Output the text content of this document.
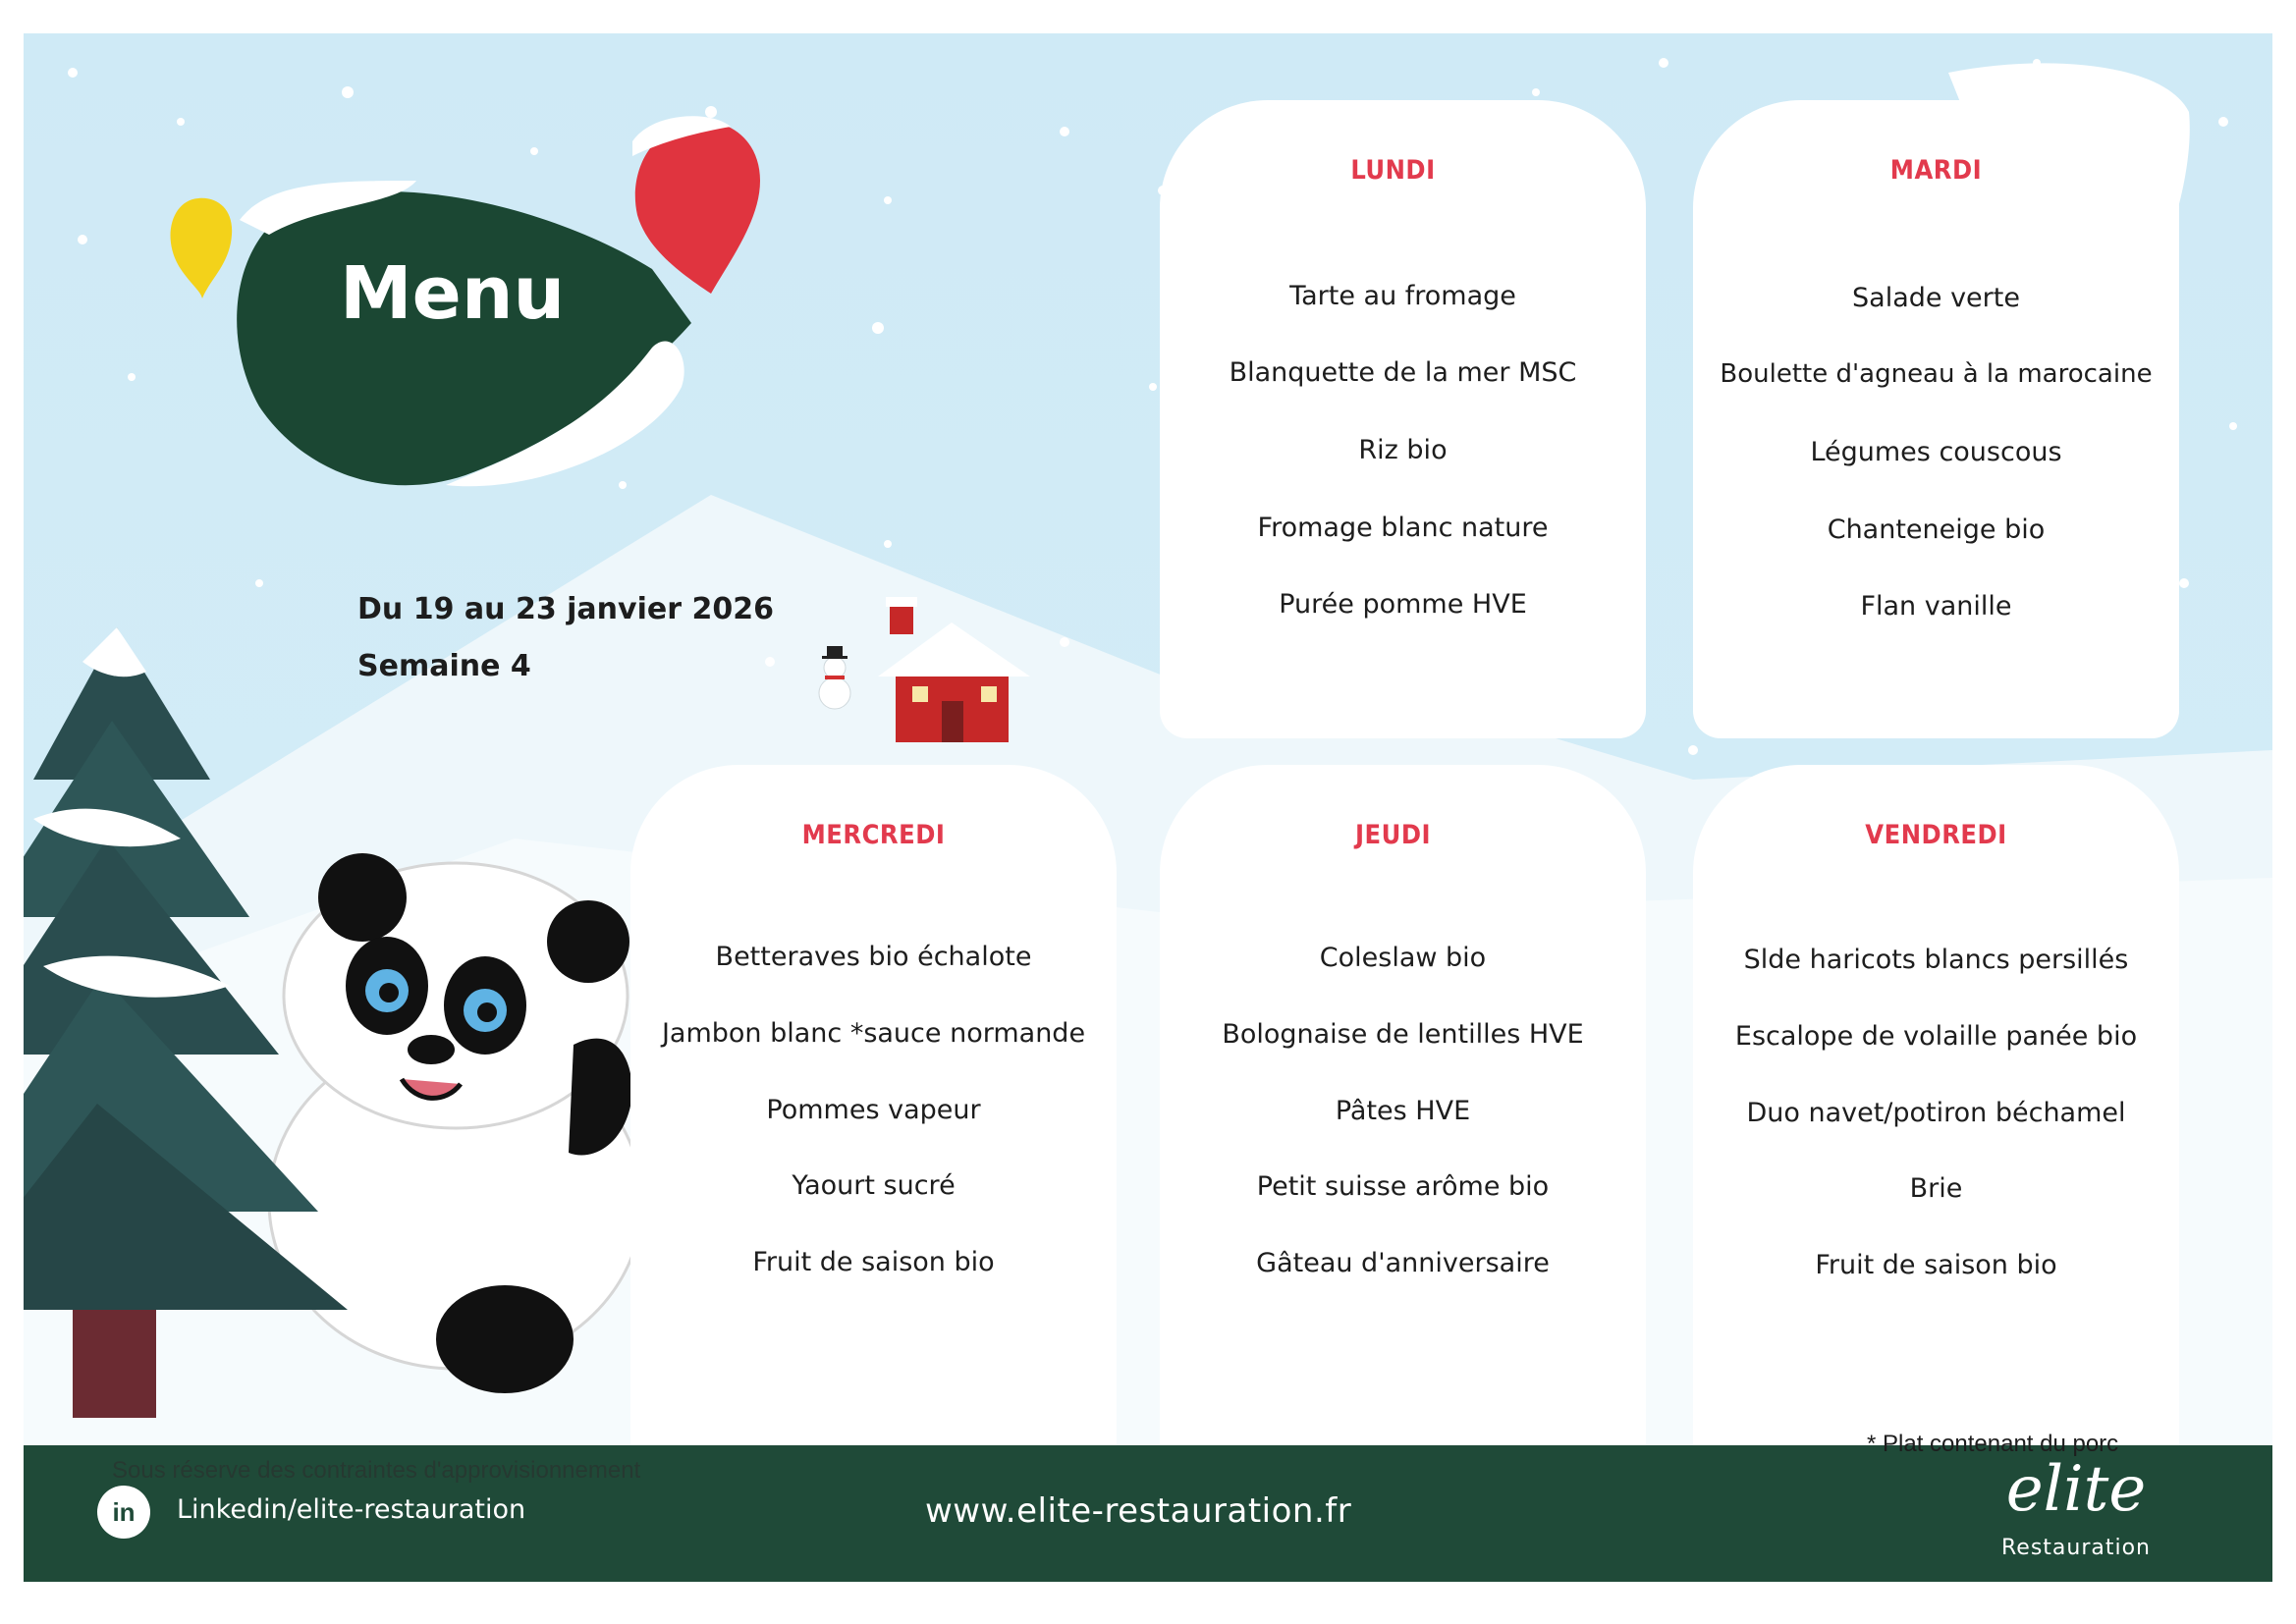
Menu
Du 19 au 23 janvier 2026
Semaine 4
LUNDI
Tarte au fromage
Blanquette de la mer MSC
Riz bio
Fromage blanc nature
Purée pomme HVE
MARDI
Salade verte
Boulette d'agneau à la marocaine
Légumes couscous
Chanteneige bio
Flan vanille
MERCREDI
Betteraves bio échalote
Jambon blanc *sauce normande
Pommes vapeur
Yaourt sucré
Fruit de saison bio
JEUDI
Coleslaw bio
Bolognaise de lentilles HVE
Pâtes HVE
Petit suisse arôme bio
Gâteau d'anniversaire
VENDREDI
Slde haricots blancs persillés
Escalope de volaille panée bio
Duo navet/potiron béchamel
Brie
Fruit de saison bio
Sous réserve des contraintes d'approvisionnement
* Plat contenant du porc
in	Linkedin/elite-restauration	www.elite-restauration.fr	elite
Restauration
